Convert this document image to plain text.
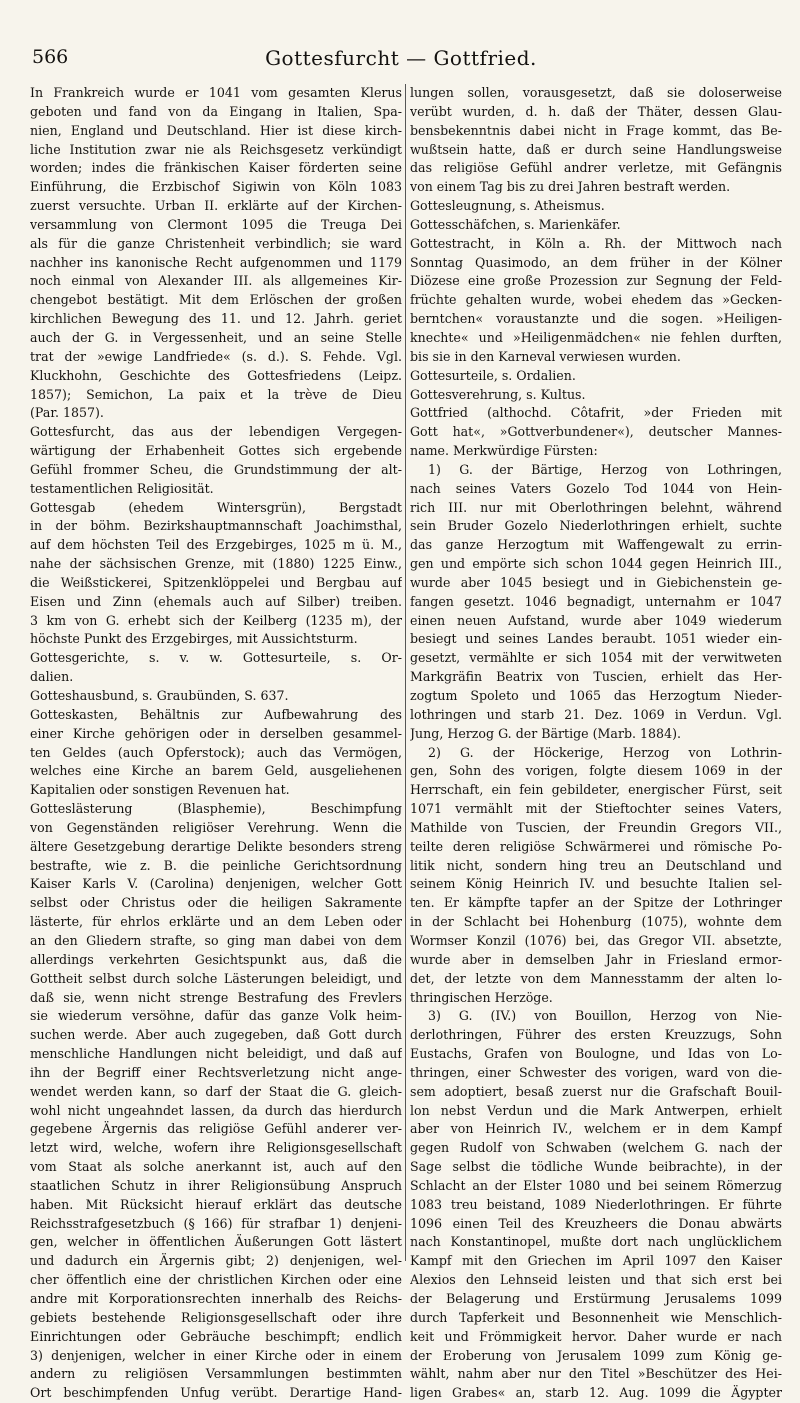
566	Gottesfurcht — Gottfried.
In Frankreich wurde er 1041 vom gesamten Klerus
geboten und fand von da Eingang in Italien, Spa-
nien, England und Deutschland. Hier ist diese kirch-
liche Institution zwar nie als Reichsgesetz verkündigt
worden; indes die fränkischen Kaiser förderten seine
Einführung, die Erzbischof Sigiwin von Köln 1083
zuerst versuchte. Urban II. erklärte auf der Kirchen-
versammlung von Clermont 1095 die Treuga Dei
als für die ganze Christenheit verbindlich; sie ward
nachher ins kanonische Recht aufgenommen und 1179
noch einmal von Alexander III. als allgemeines Kir-
chengebot bestätigt. Mit dem Erlöschen der großen
kirchlichen Bewegung des 11. und 12. Jahrh. geriet
auch der G. in Vergessenheit, und an seine Stelle
trat der »ewige Landfriede« (s. d.). S. Fehde. Vgl.
Kluckhohn, Geschichte des Gottesfriedens (Leipz.
1857); Semichon, La paix et la trève de Dieu
(Par. 1857).
Gottesfurcht, das aus der lebendigen Vergegen-
wärtigung der Erhabenheit Gottes sich ergebende
Gefühl frommer Scheu, die Grundstimmung der alt-
testamentlichen Religiosität.
Gottesgab (ehedem Wintersgrün), Bergstadt
in der böhm. Bezirkshauptmannschaft Joachimsthal,
auf dem höchsten Teil des Erzgebirges, 1025 m ü. M.,
nahe der sächsischen Grenze, mit (1880) 1225 Einw.,
die Weißstickerei, Spitzenklöppelei und Bergbau auf
Eisen und Zinn (ehemals auch auf Silber) treiben.
3 km von G. erhebt sich der Keilberg (1235 m), der
höchste Punkt des Erzgebirges, mit Aussichtsturm.
Gottesgerichte, s. v. w. Gottesurteile, s. Or-
dalien.
Gotteshausbund, s. Graubünden, S. 637.
Gotteskasten, Behältnis zur Aufbewahrung des
einer Kirche gehörigen oder in derselben gesammel-
ten Geldes (auch Opferstock); auch das Vermögen,
welches eine Kirche an barem Geld, ausgeliehenen
Kapitalien oder sonstigen Revenuen hat.
Gotteslästerung (Blasphemie), Beschimpfung
von Gegenständen religiöser Verehrung. Wenn die
ältere Gesetzgebung derartige Delikte besonders streng
bestrafte, wie z. B. die peinliche Gerichtsordnung
Kaiser Karls V. (Carolina) denjenigen, welcher Gott
selbst oder Christus oder die heiligen Sakramente
lästerte, für ehrlos erklärte und an dem Leben oder
an den Gliedern strafte, so ging man dabei von dem
allerdings verkehrten Gesichtspunkt aus, daß die
Gottheit selbst durch solche Lästerungen beleidigt, und
daß sie, wenn nicht strenge Bestrafung des Frevlers
sie wiederum versöhne, dafür das ganze Volk heim-
suchen werde. Aber auch zugegeben, daß Gott durch
menschliche Handlungen nicht beleidigt, und daß auf
ihn der Begriff einer Rechtsverletzung nicht ange-
wendet werden kann, so darf der Staat die G. gleich-
wohl nicht ungeahndet lassen, da durch das hierdurch
gegebene Ärgernis das religiöse Gefühl anderer ver-
letzt wird, welche, wofern ihre Religionsgesellschaft
vom Staat als solche anerkannt ist, auch auf den
staatlichen Schutz in ihrer Religionsübung Anspruch
haben. Mit Rücksicht hierauf erklärt das deutsche
Reichsstrafgesetzbuch (§ 166) für strafbar 1) denjeni-
gen, welcher in öffentlichen Äußerungen Gott lästert
und dadurch ein Ärgernis gibt; 2) denjenigen, wel-
cher öffentlich eine der christlichen Kirchen oder eine
andre mit Korporationsrechten innerhalb des Reichs-
gebiets bestehende Religionsgesellschaft oder ihre
Einrichtungen oder Gebräuche beschimpft; endlich
3) denjenigen, welcher in einer Kirche oder in einem
andern zu religiösen Versammlungen bestimmten
Ort beschimpfenden Unfug verübt. Derartige Hand-
lungen sollen, vorausgesetzt, daß sie doloserweise
verübt wurden, d. h. daß der Thäter, dessen Glau-
bensbekenntnis dabei nicht in Frage kommt, das Be-
wußtsein hatte, daß er durch seine Handlungsweise
das religiöse Gefühl andrer verletze, mit Gefängnis
von einem Tag bis zu drei Jahren bestraft werden.
Gottesleugnung, s. Atheismus.
Gottesschäfchen, s. Marienkäfer.
Gottestracht, in Köln a. Rh. der Mittwoch nach
Sonntag Quasimodo, an dem früher in der Kölner
Diözese eine große Prozession zur Segnung der Feld-
früchte gehalten wurde, wobei ehedem das »Gecken-
berntchen« voraustanzte und die sogen. »Heiligen-
knechte« und »Heiligenmädchen« nie fehlen durften,
bis sie in den Karneval verwiesen wurden.
Gottesurteile, s. Ordalien.
Gottesverehrung, s. Kultus.
Gottfried (althochd. Côtafrit, »der Frieden mit
Gott hat«, »Gottverbundener«), deutscher Mannes-
name. Merkwürdige Fürsten:
1) G. der Bärtige, Herzog von Lothringen,
nach seines Vaters Gozelo Tod 1044 von Hein-
rich III. nur mit Oberlothringen belehnt, während
sein Bruder Gozelo Niederlothringen erhielt, suchte
das ganze Herzogtum mit Waffengewalt zu errin-
gen und empörte sich schon 1044 gegen Heinrich III.,
wurde aber 1045 besiegt und in Giebichenstein ge-
fangen gesetzt. 1046 begnadigt, unternahm er 1047
einen neuen Aufstand, wurde aber 1049 wiederum
besiegt und seines Landes beraubt. 1051 wieder ein-
gesetzt, vermählte er sich 1054 mit der verwitweten
Markgräfin Beatrix von Tuscien, erhielt das Her-
zogtum Spoleto und 1065 das Herzogtum Nieder-
lothringen und starb 21. Dez. 1069 in Verdun. Vgl.
Jung, Herzog G. der Bärtige (Marb. 1884).
2) G. der Höckerige, Herzog von Lothrin-
gen, Sohn des vorigen, folgte diesem 1069 in der
Herrschaft, ein fein gebildeter, energischer Fürst, seit
1071 vermählt mit der Stieftochter seines Vaters,
Mathilde von Tuscien, der Freundin Gregors VII.,
teilte deren religiöse Schwärmerei und römische Po-
litik nicht, sondern hing treu an Deutschland und
seinem König Heinrich IV. und besuchte Italien sel-
ten. Er kämpfte tapfer an der Spitze der Lothringer
in der Schlacht bei Hohenburg (1075), wohnte dem
Wormser Konzil (1076) bei, das Gregor VII. absetzte,
wurde aber in demselben Jahr in Friesland ermor-
det, der letzte von dem Mannesstamm der alten lo-
thringischen Herzöge.
3) G. (IV.) von Bouillon, Herzog von Nie-
derlothringen, Führer des ersten Kreuzzugs, Sohn
Eustachs, Grafen von Boulogne, und Idas von Lo-
thringen, einer Schwester des vorigen, ward von die-
sem adoptiert, besaß zuerst nur die Grafschaft Bouil-
lon nebst Verdun und die Mark Antwerpen, erhielt
aber von Heinrich IV., welchem er in dem Kampf
gegen Rudolf von Schwaben (welchem G. nach der
Sage selbst die tödliche Wunde beibrachte), in der
Schlacht an der Elster 1080 und bei seinem Römerzug
1083 treu beistand, 1089 Niederlothringen. Er führte
1096 einen Teil des Kreuzheers die Donau abwärts
nach Konstantinopel, mußte dort nach unglücklichem
Kampf mit den Griechen im April 1097 den Kaiser
Alexios den Lehnseid leisten und that sich erst bei
der Belagerung und Erstürmung Jerusalems 1099
durch Tapferkeit und Besonnenheit wie Menschlich-
keit und Frömmigkeit hervor. Daher wurde er nach
der Eroberung von Jerusalem 1099 zum König ge-
wählt, nahm aber nur den Titel »Beschützer des Hei-
ligen Grabes« an, starb 12. Aug. 1099 die Ägypter
